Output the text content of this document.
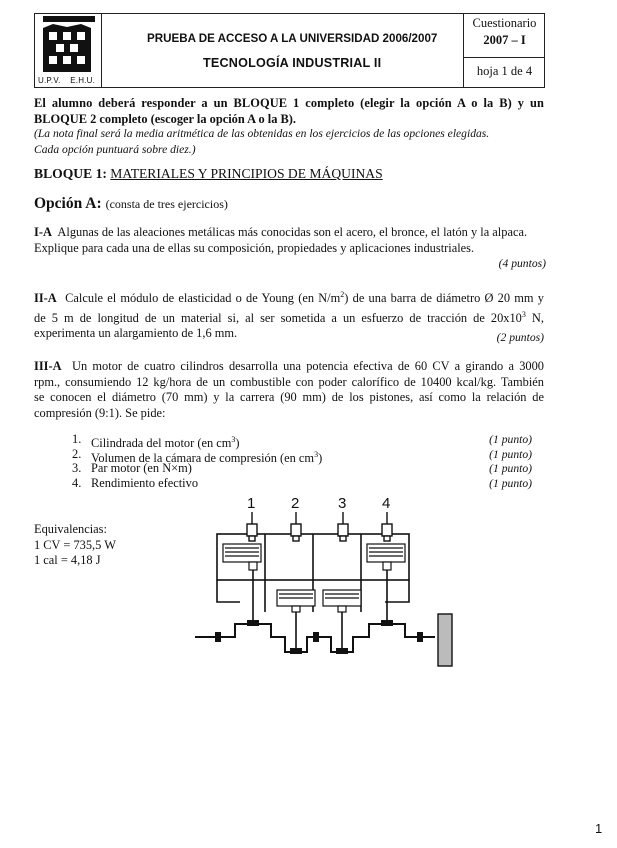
U.P.V.    E.H.U.
PRUEBA DE ACCESO A LA UNIVERSIDAD 2006/2007
TECNOLOGÍA INDUSTRIAL II
Cuestionario
2007 – I
hoja 1 de 4
El alumno deberá responder a un BLOQUE 1 completo (elegir la opción A o la B) y un
BLOQUE 2 completo (escoger la opción A o la B).
(La nota final será la media aritmética de las obtenidas en los ejercicios de las opciones elegidas.
Cada opción puntuará sobre diez.)
BLOQUE 1: MATERIALES Y PRINCIPIOS DE MÁQUINAS
Opción A: (consta de tres ejercicios)
I-A Algunas de las aleaciones metálicas más conocidas son el acero, el bronce, el latón y la alpaca.
Explique para cada una de ellas su composición, propiedades y aplicaciones industriales.
(4 puntos)
II-A Calcule el módulo de elasticidad o de Young (en $N/m^2$) de una barra de diámetro Ø 20 mm y
de 5 m de longitud de un material si, al ser sometida a un esfuerzo de tracción de $20x10^3$ N,
experimenta un alargamiento de 1,6 mm.	(2 puntos)
III-A Un motor de cuatro cilindros desarrolla una potencia efectiva de 60 CV a girando a 3000
rpm., consumiendo 12 kg/hora de un combustible con poder calorífico de 10400 kcal/kg. También
se conocen el diámetro (70 mm) y la carrera (90 mm) de los pistones, así como la relación de
compresión (9:1). Se pide:
1. Cilindrada del motor (en $cm^3$)	(1 punto)
2. Volumen de la cámara de compresión (en $cm^3$)	(1 punto)
3. Par motor (en N×m)	(1 punto)
4. Rendimiento efectivo	(1 punto)
Equivalencias:
1 CV = 735,5 W
1 cal = 4,18 J
1 2	3 4
1
